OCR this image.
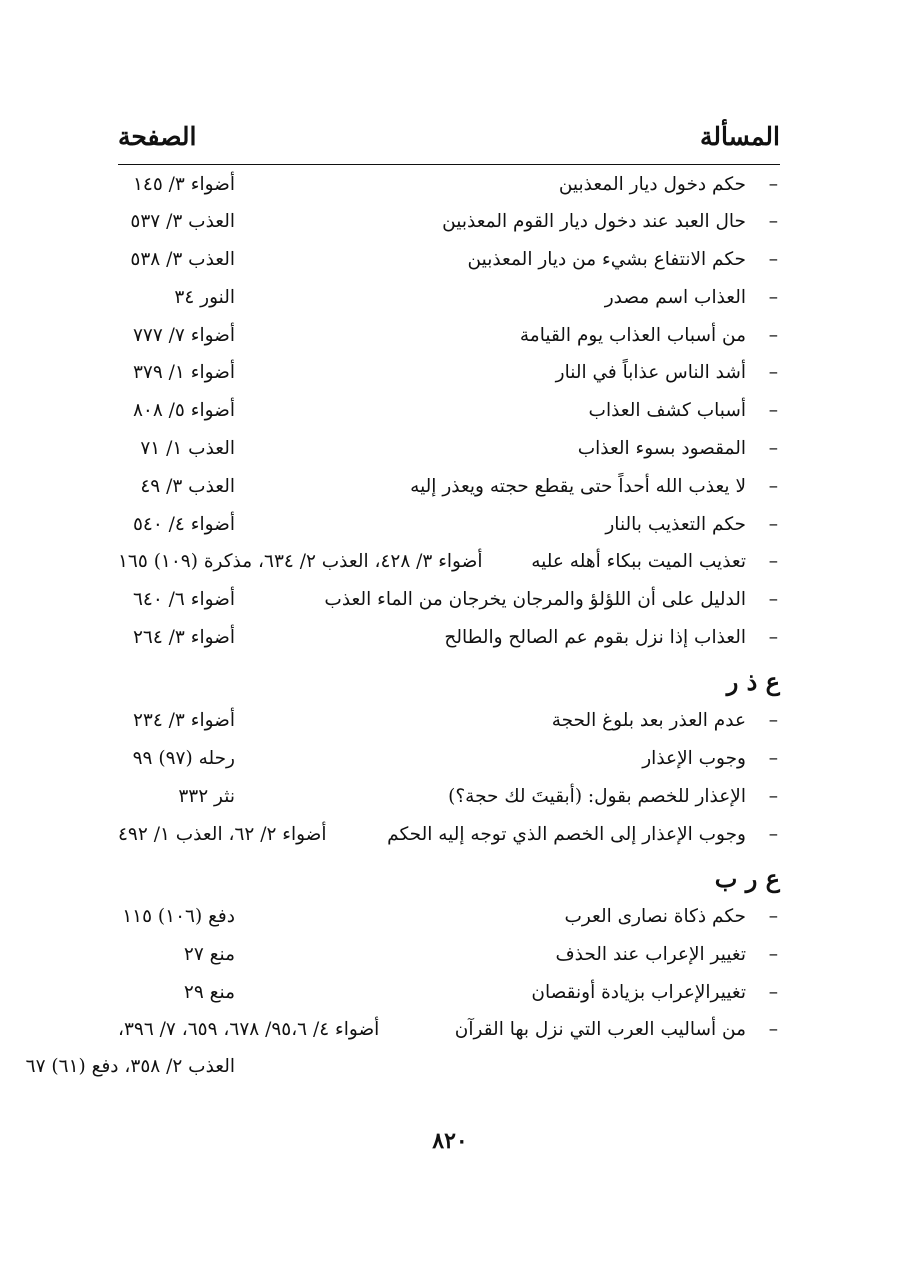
المسألة
الصفحة
–
حكم دخول ديار المعذبين
أضواء ٣/ ١٤٥
–
حال العبد عند دخول ديار القوم المعذبين
العذب ٣/ ٥٣٧
–
حكم الانتفاع بشيء من ديار المعذبين
العذب ٣/ ٥٣٨
–
العذاب اسم مصدر
النور ٣٤
–
من أسباب العذاب يوم القيامة
أضواء ٧/ ٧٧٧
–
أشد الناس عذاباً في النار
أضواء ١/ ٣٧٩
–
أسباب كشف العذاب
أضواء ٥/ ٨٠٨
–
المقصود بسوء العذاب
العذب ١/ ٧١
–
لا يعذب الله أحداً حتى يقطع حجته ويعذر إليه
العذب ٣/ ٤٩
–
حكم التعذيب بالنار
أضواء ٤/ ٥٤٠
–
تعذيب الميت ببكاء أهله عليه
أضواء ٣/ ٤٢٨، العذب ٢/ ٦٣٤، مذكرة (١٠٩) ١٦٥
–
الدليل على أن اللؤلؤ والمرجان يخرجان من الماء العذب
أضواء ٦/ ٦٤٠
–
العذاب إذا نزل بقوم عم الصالح والطالح
أضواء ٣/ ٢٦٤
ع ذ ر
–
عدم العذر بعد بلوغ الحجة
أضواء ٣/ ٢٣٤
–
وجوب الإعذار
رحله (٩٧) ٩٩
–
الإعذار للخصم بقول: (أبقيتَ لك حجة؟)
نثر ٣٣٢
–
وجوب الإعذار إلى الخصم الذي توجه إليه الحكم
أضواء ٢/ ٦٢، العذب ١/ ٤٩٢
ع ر ب
–
حكم ذكاة نصارى العرب
دفع (١٠٦) ١١٥
–
تغيير الإعراب عند الحذف
منع ٢٧
–
تغييرالإعراب بزيادة أونقصان
منع ٢٩
–
من أساليب العرب التي نزل بها القرآن
أضواء ٤/ ٩٥،٦/ ٦٧٨، ٦٥٩، ٧/ ٣٩٦،
العذب ٢/ ٣٥٨، دفع (٦١) ٦٧
٨٢٠
